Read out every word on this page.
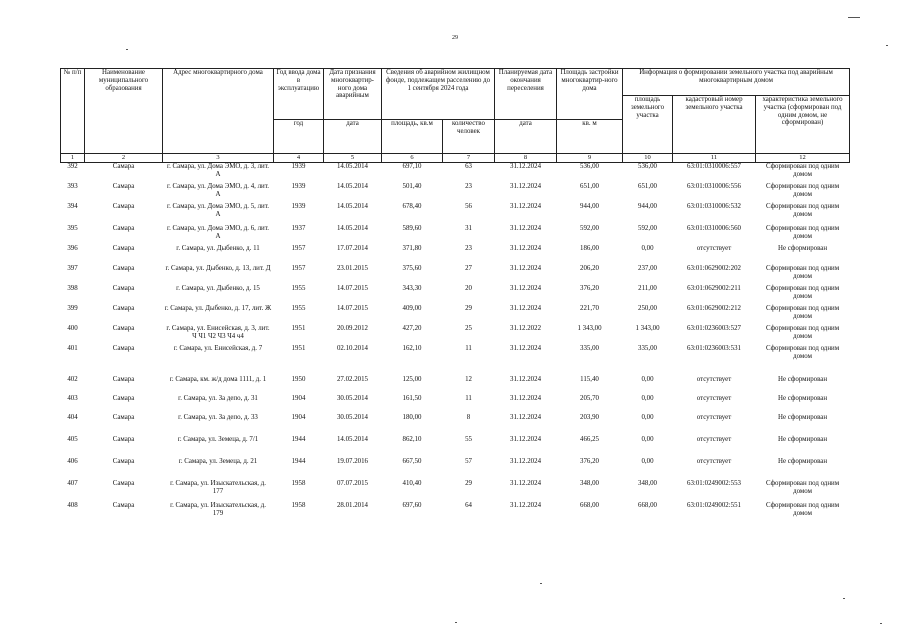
29
№ п/п	Наименование муниципального образования	Адрес многоквартирного дома	Год ввода дома в эксплуатацию	Дата признания многоквартир-ного дома аварийным	Сведения об аварийном жилищном фонде, подлежащем расселению до 1 сентября 2024 года		Планируемая дата окончания переселения	Площадь застройки многоквартир-ного дома	Информация о формировании земельного участка под аварийным многоквартирным домом		
									площадь земельного участка	кадастровый номер земельного участка	характеристика земельного участка (сформирован под одним домом, не сформирован)
			год	дата	площадь, кв.м	количество человек	дата	кв. м			
1	2	3	4	5	6	7	8	9	10	11	12
392	Самара	г. Самара, ул. Дома ЭМО, д. 3, лит. А	1939	14.05.2014	697,10	63	31.12.2024	536,00	536,00	63:01:0310006:557	Сформирован под одним домом
393	Самара	г. Самара, ул. Дома ЭМО, д. 4, лит. А	1939	14.05.2014	501,40	23	31.12.2024	651,00	651,00	63:01:0310006:556	Сформирован под одним домом
394	Самара	г. Самара, ул. Дома ЭМО, д. 5, лит. А	1939	14.05.2014	678,40	56	31.12.2024	944,00	944,00	63:01:0310006:532	Сформирован под одним домом
395	Самара	г. Самара, ул. Дома ЭМО, д. 6, лит. А	1937	14.05.2014	589,60	31	31.12.2024	592,00	592,00	63:01:0310006:560	Сформирован под одним домом
396	Самара	г. Самара, ул. Дыбенко, д. 11	1957	17.07.2014	371,80	23	31.12.2024	186,00	0,00	отсутствует	Не сформирован
397	Самара	г. Самара, ул. Дыбенко, д. 13, лит. Д	1957	23.01.2015	375,60	27	31.12.2024	206,20	237,00	63:01:0629002:202	Сформирован под одним домом
398	Самара	г. Самара, ул. Дыбенко, д. 15	1955	14.07.2015	343,30	20	31.12.2024	376,20	211,00	63:01:0629002:211	Сформирован под одним домом
399	Самара	г. Самара, ул. Дыбенко, д. 17, лит. Ж	1955	14.07.2015	409,00	29	31.12.2024	221,70	250,00	63:01:0629002:212	Сформирован под одним домом
400	Самара	г. Самара, ул. Енисейская, д. 3, лит. Ч Ч1 Ч2 Ч3 Ч4 ч4	1951	20.09.2012	427,20	25	31.12.2022	1 343,00	1 343,00	63:01:0236003:527	Сформирован под одним домом
401	Самара	г. Самара, ул. Енисейская, д. 7	1951	02.10.2014	162,10	11	31.12.2024	335,00	335,00	63:01:0236003:531	Сформирован под одним домом
402	Самара	г. Самара, км. ж/д дома 1111, д. 1	1950	27.02.2015	125,00	12	31.12.2024	115,40	0,00	отсутствует	Не сформирован
403	Самара	г. Самара, ул. За депо, д. 31	1904	30.05.2014	161,50	11	31.12.2024	205,70	0,00	отсутствует	Не сформирован
404	Самара	г. Самара, ул. За депо, д. 33	1904	30.05.2014	180,00	8	31.12.2024	203,90	0,00	отсутствует	Не сформирован
405	Самара	г. Самара, ул. Земеца, д. 7/1	1944	14.05.2014	862,10	55	31.12.2024	466,25	0,00	отсутствует	Не сформирован
406	Самара	г. Самара, ул. Земеца, д. 21	1944	19.07.2016	667,50	57	31.12.2024	376,20	0,00	отсутствует	Не сформирован
407	Самара	г. Самара, ул. Изыскательская, д. 177	1958	07.07.2015	410,40	29	31.12.2024	348,00	348,00	63:01:0249002:553	Сформирован под одним домом
408	Самара	г. Самара, ул. Изыскательская, д. 179	1958	28.01.2014	697,60	64	31.12.2024	668,00	668,00	63:01:0249002:551	Сформирован под одним домом
